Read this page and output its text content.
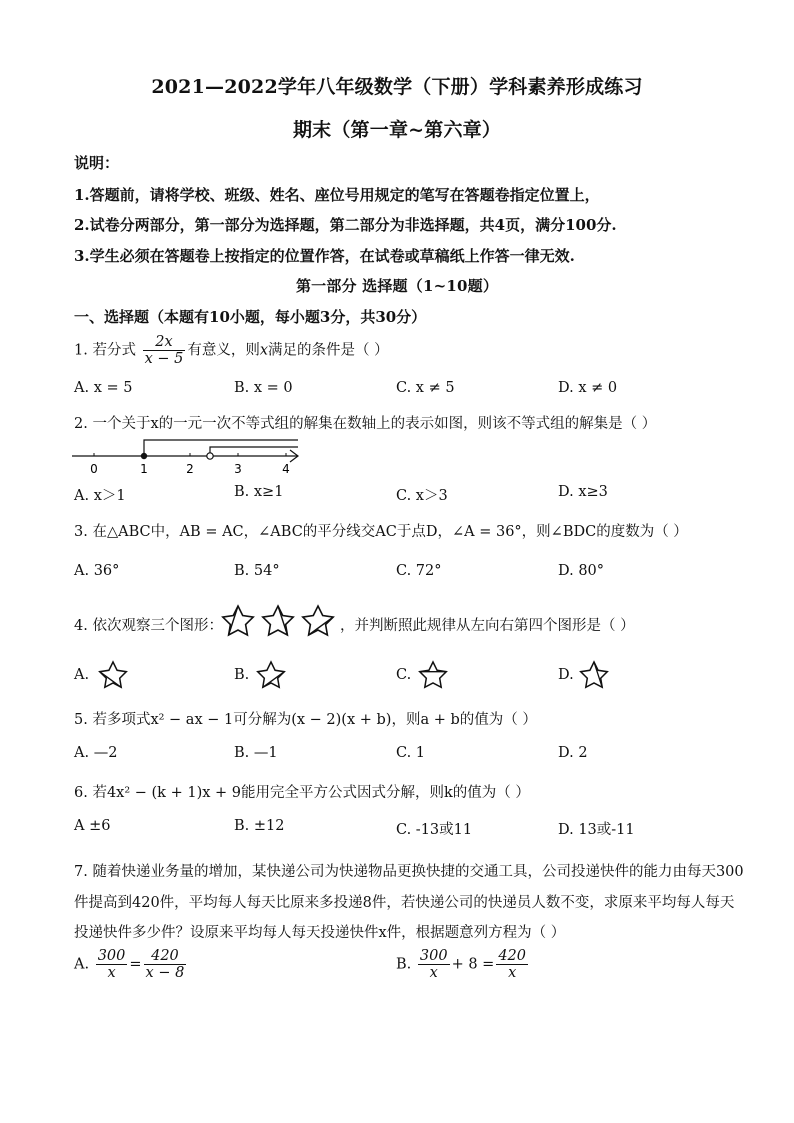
2021—2022学年八年级数学（下册）学科素养形成练习
期末（第一章~第六章）
说明：
1.答题前，请将学校、班级、姓名、座位号用规定的笔写在答题卷指定位置上，
2.试卷分两部分，第一部分为选择题，第二部分为非选择题，共4页，满分100分.
3.学生必须在答题卷上按指定的位置作答，在试卷或草稿纸上作答一律无效.
第一部分 选择题（1~10题）
一、选择题（本题有10小题，每小题3分，共30分）
1. 若分式 $\frac{2x}{x - 5}$ 有意义，则x满足的条件是（ ）
A. x = 5	B. x = 0	C. x ≠ 5	D. x ≠ 0
2. 一个关于x的一元一次不等式组的解集在数轴上的表示如图，则该不等式组的解集是（ ）
0	1	2	3	4
A. x＞1	B. x≥1	C. x＞3	D. x≥3
3. 在△ABC中，AB = AC，∠ABC的平分线交AC于点D，∠A = 36°，则∠BDC的度数为（ ）
A. 36°	B. 54°	C. 72°	D. 80°
4. 依次观察三个图形：	，并判断照此规律从左向右第四个图形是（ ）
A.	B.	C.	D.
5. 若多项式x² − ax − 1可分解为(x − 2)(x + b)，则a + b的值为（ ）
A. —2	B. —1	C. 1	D. 2
6. 若4x² − (k + 1)x + 9能用完全平方公式因式分解，则k的值为（ ）
A ±6	B. ±12	C. -13或11	D. 13或-11
7. 随着快递业务量的增加，某快递公司为快递物品更换快捷的交通工具，公司投递快件的能力由每天300
件提高到420件，平均每人每天比原来多投递8件，若快递公司的快递员人数不变，求原来平均每人每天
投递快件多少件？设原来平均每人每天投递快件x件，根据题意列方程为（ ）
A. $\frac{300}{x} = \frac{420}{x - 8}$	B. $\frac{300}{x} + 8 = \frac{420}{x}$
